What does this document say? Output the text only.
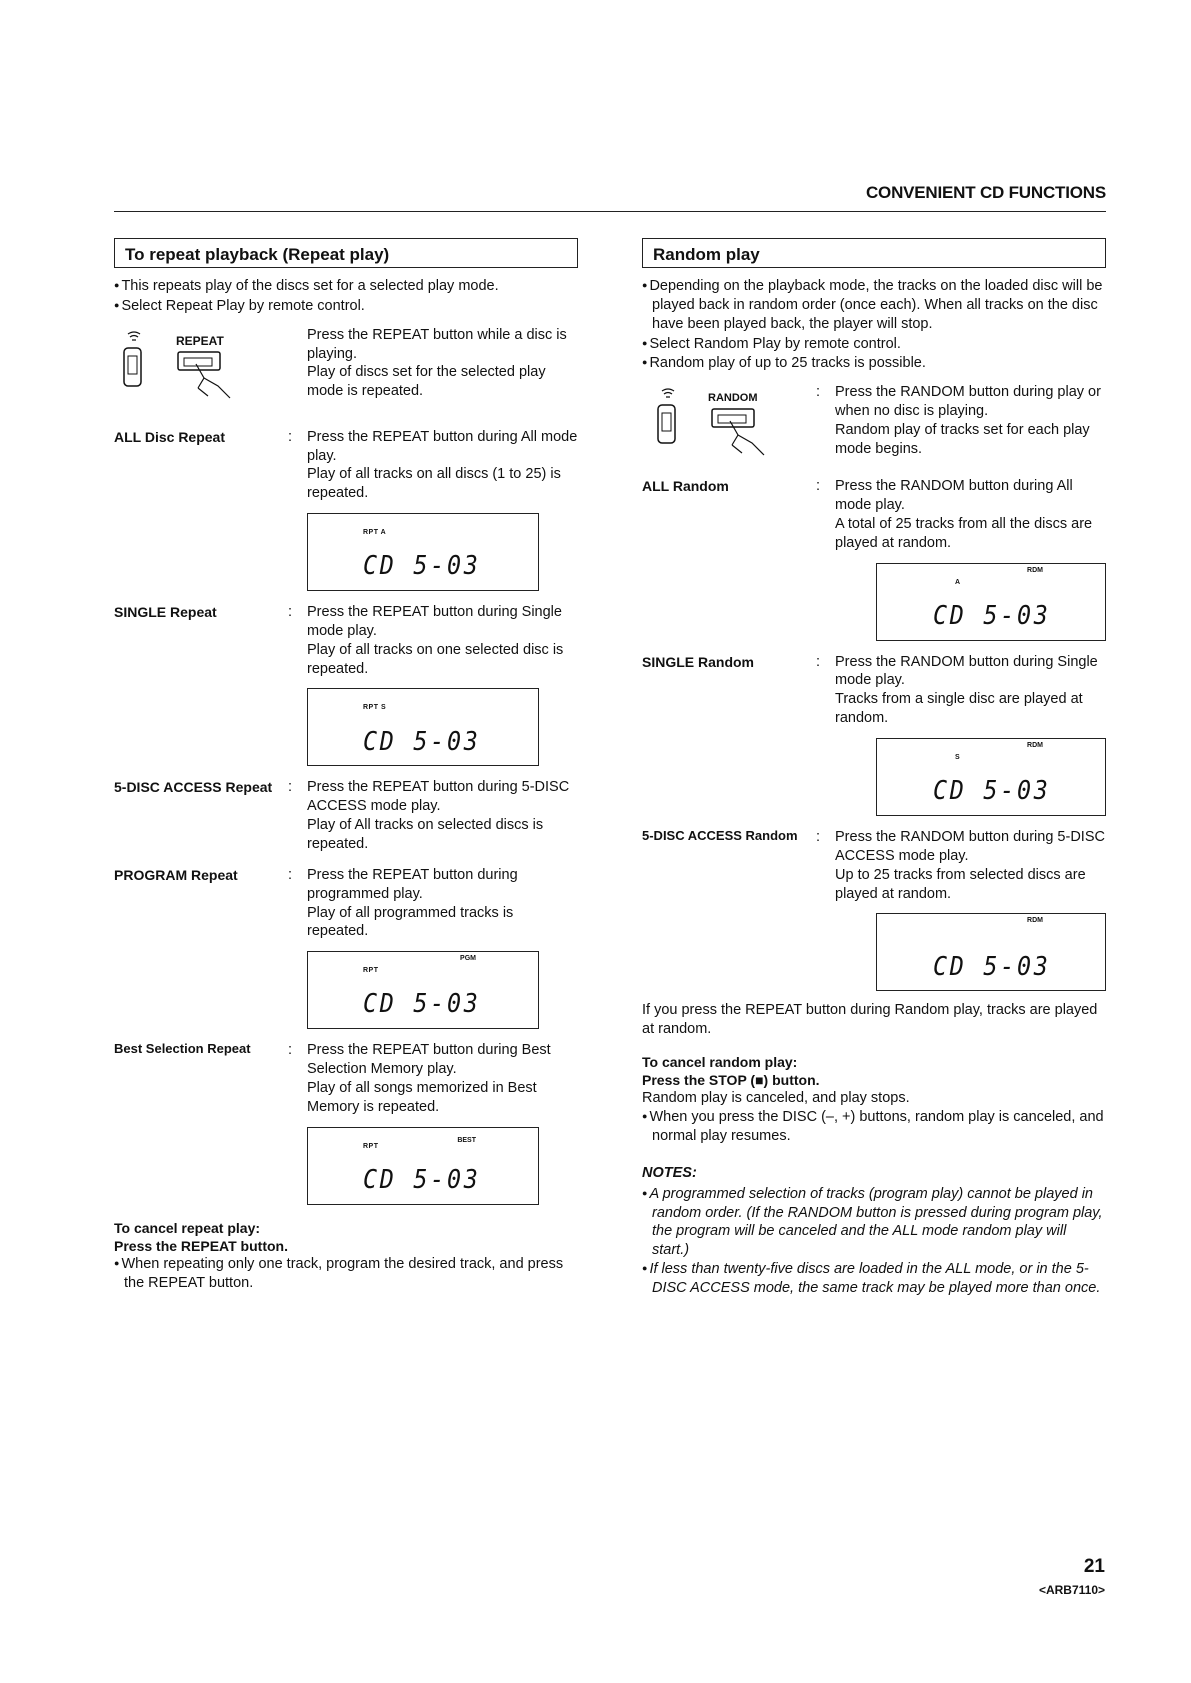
CONVENIENT CD FUNCTIONS
To repeat playback (Repeat play)

● This repeats play of the discs set for a selected play mode.

● Select Repeat Play by remote control.

REPEAT	Press the REPEAT button while a disc is playing.

Play of discs set for the selected play mode is repeated.

ALL Disc Repeat	:	Press the REPEAT button during All mode play.

Play of all tracks on all discs (1 to 25) is repeated.

RPT A
CD 5-03
SINGLE Repeat	:	Press the REPEAT button during Single mode play.

Play of all tracks on one selected disc is repeated.

RPT S
CD 5-03
5-DISC ACCESS Repeat	:	Press the REPEAT button during 5-DISC ACCESS mode play.

Play of All tracks on selected discs is repeated.

PROGRAM Repeat	:	Press the REPEAT button during programmed play.

Play of all programmed tracks is repeated.

RPT
PGM
CD 5-03
Best Selection Repeat	:	Press the REPEAT button during Best Selection Memory play.

Play of all songs memorized in Best Memory is repeated.

RPT
BEST
CD 5-03

To cancel repeat play:

Press the REPEAT button.

● When repeating only one track, program the desired track, and press the REPEAT button.

Random play

● Depending on the playback mode, the tracks on the loaded disc will be played back in random order (once each). When all tracks on the disc have been played back, the player will stop.

● Select Random Play by remote control.

● Random play of up to 25 tracks is possible.

RANDOM	:	Press the RANDOM button during play or when no disc is playing.

Random play of tracks set for each play mode begins.

ALL Random	:	Press the RANDOM button during All mode play.

A total of 25 tracks from all the discs are played at random.

A
RDM
CD 5-03
SINGLE Random	:	Press the RANDOM button during Single mode play.

Tracks from a single disc are played at random.

S
RDM
CD 5-03
5-DISC ACCESS Random	:	Press the RANDOM button during 5-DISC ACCESS mode play.

Up to 25 tracks from selected discs are played at random.

RDM
CD 5-03

If you press the REPEAT button during Random play, tracks are played at random.

To cancel random play:

Press the STOP (■) button.

Random play is canceled, and play stops.

● When you press the DISC (–, +) buttons, random play is canceled, and normal play resumes.

NOTES:

● A programmed selection of tracks (program play) cannot be played in random order. (If the RANDOM button is pressed during program play, the program will be canceled and the ALL mode random play will start.)

● If less than twenty-five discs are loaded in the ALL mode, or in the 5-DISC ACCESS mode, the same track may be played more than once.

21
<ARB7110>
